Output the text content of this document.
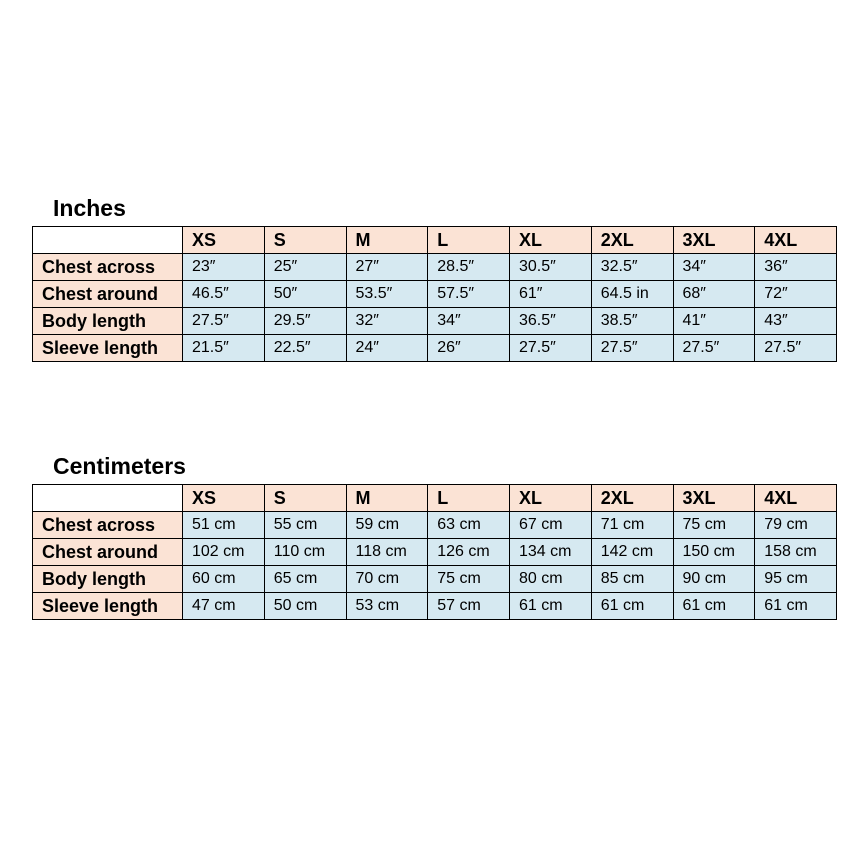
Inches
	XS	S	M	L	XL	2XL	3XL	4XL
Chest across	23″	25″	27″	28.5″	30.5″	32.5″	34″	36″
Chest around	46.5″	50″	53.5″	57.5″	61″	64.5 in	68″	72″
Body length	27.5″	29.5″	32″	34″	36.5″	38.5″	41″	43″
Sleeve length	21.5″	22.5″	24″	26″	27.5″	27.5″	27.5″	27.5″
Centimeters
	XS	S	M	L	XL	2XL	3XL	4XL
Chest across	51 cm	55 cm	59 cm	63 cm	67 cm	71 cm	75 cm	79 cm
Chest around	102 cm	110 cm	118 cm	126 cm	134 cm	142 cm	150 cm	158 cm
Body length	60 cm	65 cm	70 cm	75 cm	80 cm	85 cm	90 cm	95 cm
Sleeve length	47 cm	50 cm	53 cm	57 cm	61 cm	61 cm	61 cm	61 cm
